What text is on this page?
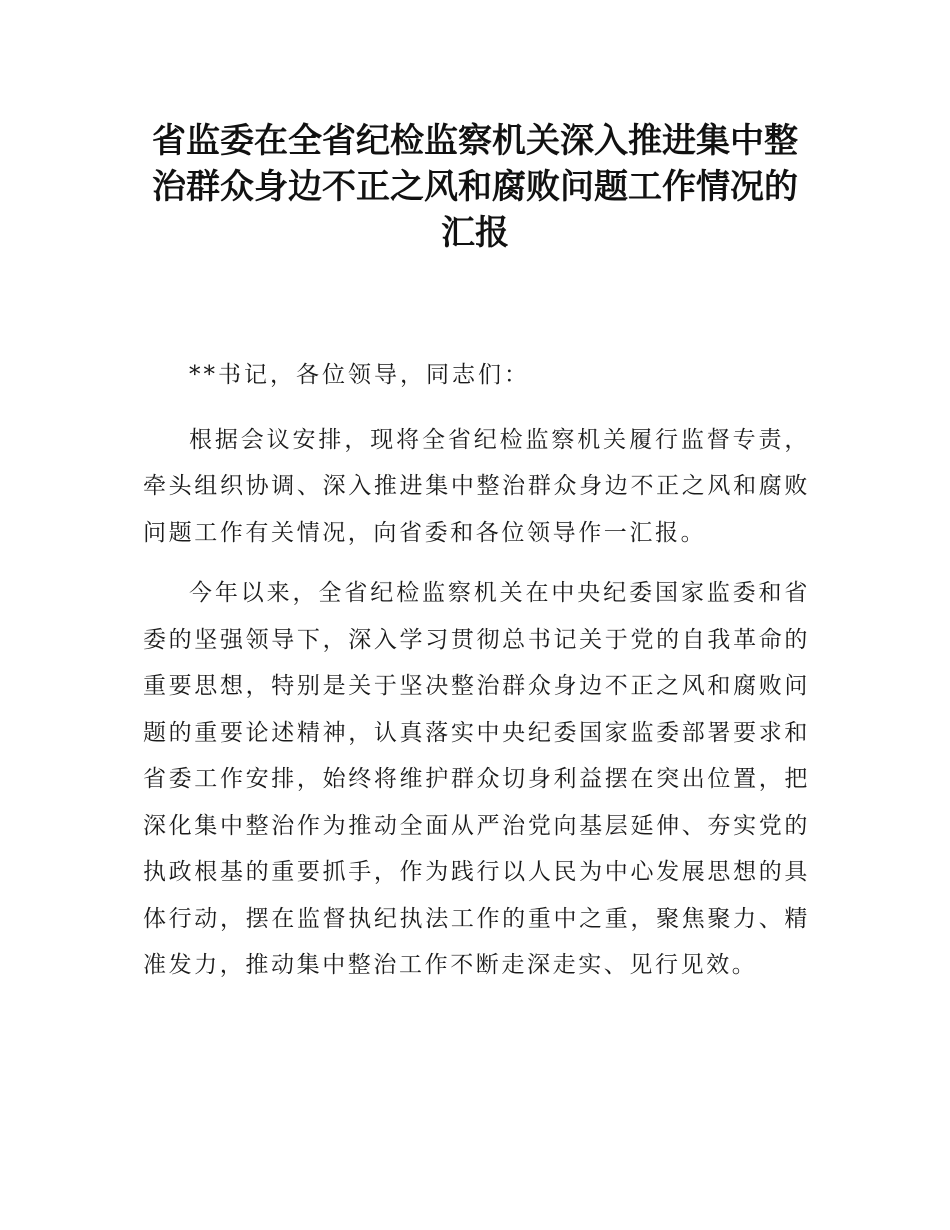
省监委在全省纪检监察机关深入推进集中整
治群众身边不正之风和腐败问题工作情况的
汇报

**书记，各位领导，同志们：

根据会议安排，现将全省纪检监察机关履行监督专责，牵头组织协调、深入推进集中整治群众身边不正之风和腐败问题工作有关情况，向省委和各位领导作一汇报。

今年以来，全省纪检监察机关在中央纪委国家监委和省委的坚强领导下，深入学习贯彻总书记关于党的自我革命的重要思想，特别是关于坚决整治群众身边不正之风和腐败问题的重要论述精神，认真落实中央纪委国家监委部署要求和省委工作安排，始终将维护群众切身利益摆在突出位置，把深化集中整治作为推动全面从严治党向基层延伸、夯实党的执政根基的重要抓手，作为践行以人民为中心发展思想的具体行动，摆在监督执纪执法工作的重中之重，聚焦聚力、精准发力，推动集中整治工作不断走深走实、见行见效。
